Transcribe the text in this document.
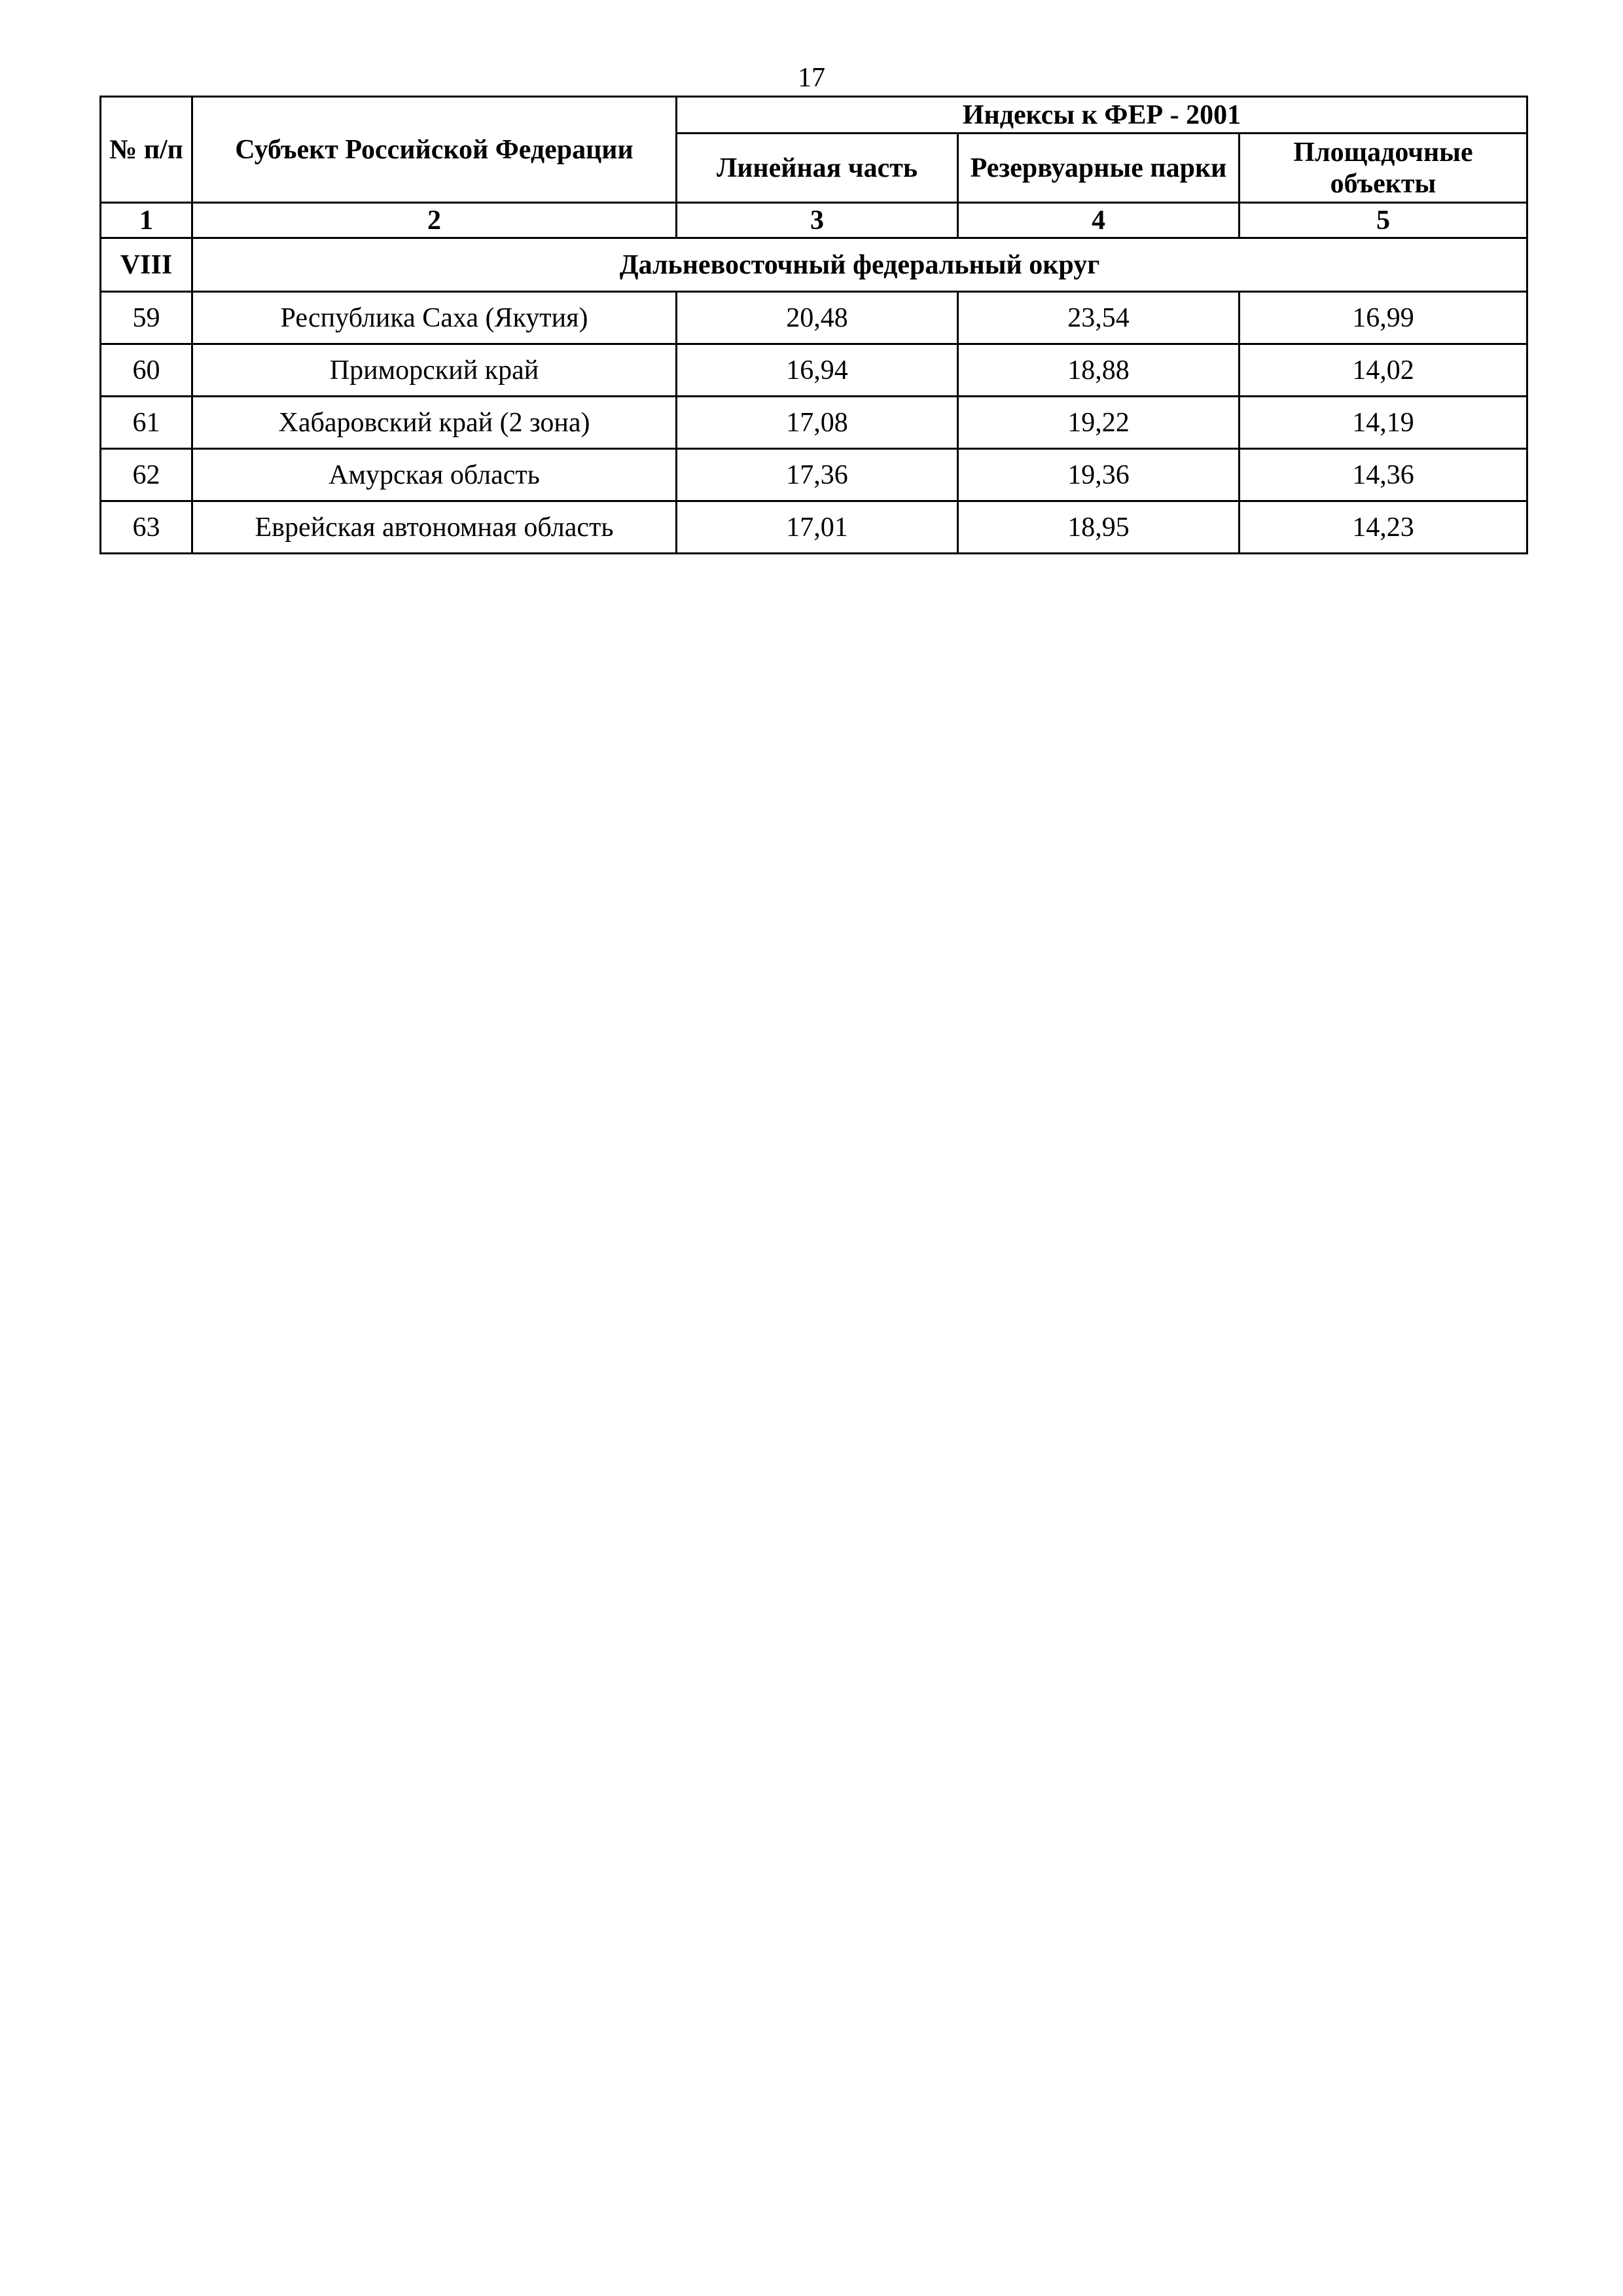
17
№ п/п	Субъект Российской Федерации	Индексы к ФЕР - 2001		
		Линейная часть	Резервуарные парки	Площадочные объекты
1	2	3	4	5
VIII	Дальневосточный федеральный округ			
59	Республика Саха (Якутия)	20,48	23,54	16,99
60	Приморский край	16,94	18,88	14,02
61	Хабаровский край (2 зона)	17,08	19,22	14,19
62	Амурская область	17,36	19,36	14,36
63	Еврейская автономная область	17,01	18,95	14,23
